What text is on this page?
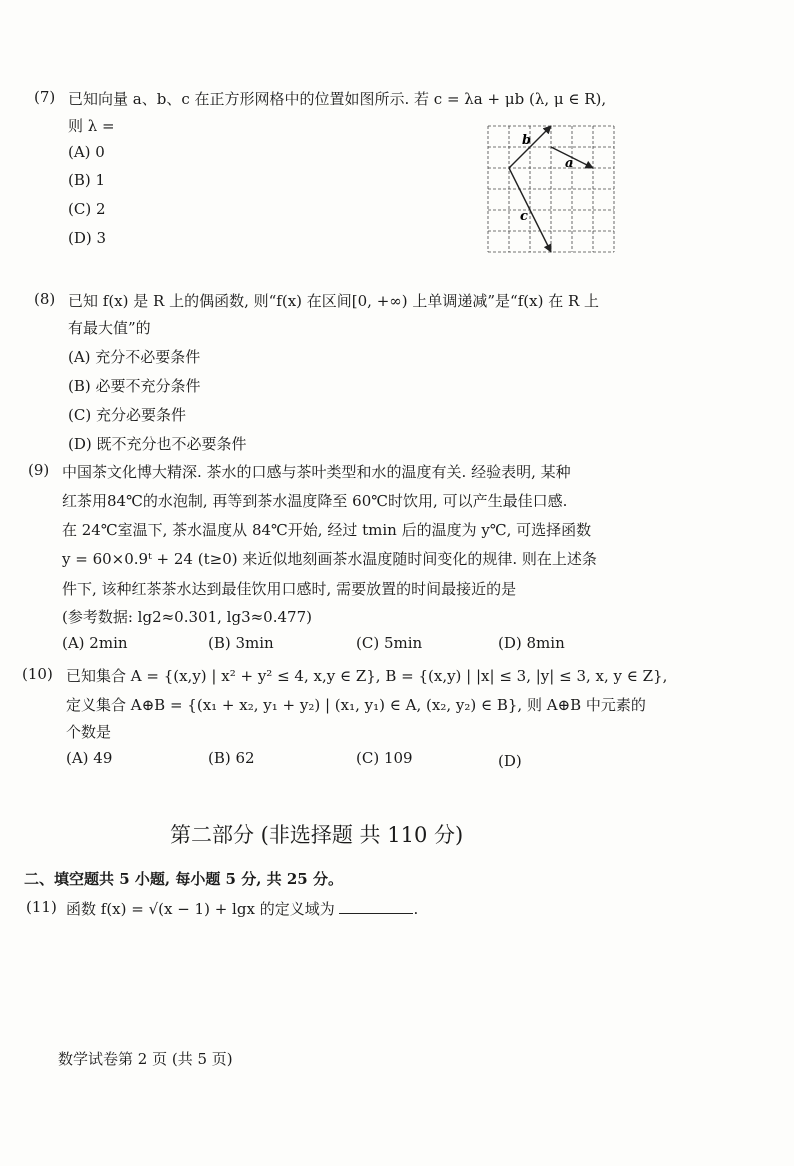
(7) 已知向量 a、b、c 在正方形网格中的位置如图所示. 若 c = λa + μb (λ, μ ∈ R),
则 λ =
(A) 0
(B) 1
(C) 2
(D) 3
b
a
c
(8) 已知 f(x) 是 R 上的偶函数, 则“f(x) 在区间[0, +∞) 上单调递减”是“f(x) 在 R 上
有最大值”的
(A) 充分不必要条件
(B) 必要不充分条件
(C) 充分必要条件
(D) 既不充分也不必要条件
(9) 中国茶文化博大精深. 茶水的口感与茶叶类型和水的温度有关. 经验表明, 某种
红茶用84℃的水泡制, 再等到茶水温度降至 60℃时饮用, 可以产生最佳口感.
在 24℃室温下, 茶水温度从 84℃开始, 经过 tmin 后的温度为 y℃, 可选择函数
y = 60×0.9ᵗ + 24 (t≥0) 来近似地刻画茶水温度随时间变化的规律. 则在上述条
件下, 该种红茶茶水达到最佳饮用口感时, 需要放置的时间最接近的是
(参考数据: lg2≈0.301, lg3≈0.477)
(A) 2min	(B) 3min	(C) 5min	(D) 8min
(10) 已知集合 A = {(x,y) | x² + y² ≤ 4, x,y ∈ Z}, B = {(x,y) | |x| ≤ 3, |y| ≤ 3, x, y ∈ Z},
定义集合 A⊕B = {(x₁ + x₂, y₁ + y₂) | (x₁, y₁) ∈ A, (x₂, y₂) ∈ B}, 则 A⊕B 中元素的
个数是
(A) 49	(B) 62	(C) 109	(D)
第二部分 (非选择题 共 110 分)
二、填空题共 5 小题, 每小题 5 分, 共 25 分。
(11) 函数 f(x) = √(x − 1) + lgx 的定义域为	.
数学试卷第 2 页 (共 5 页)
